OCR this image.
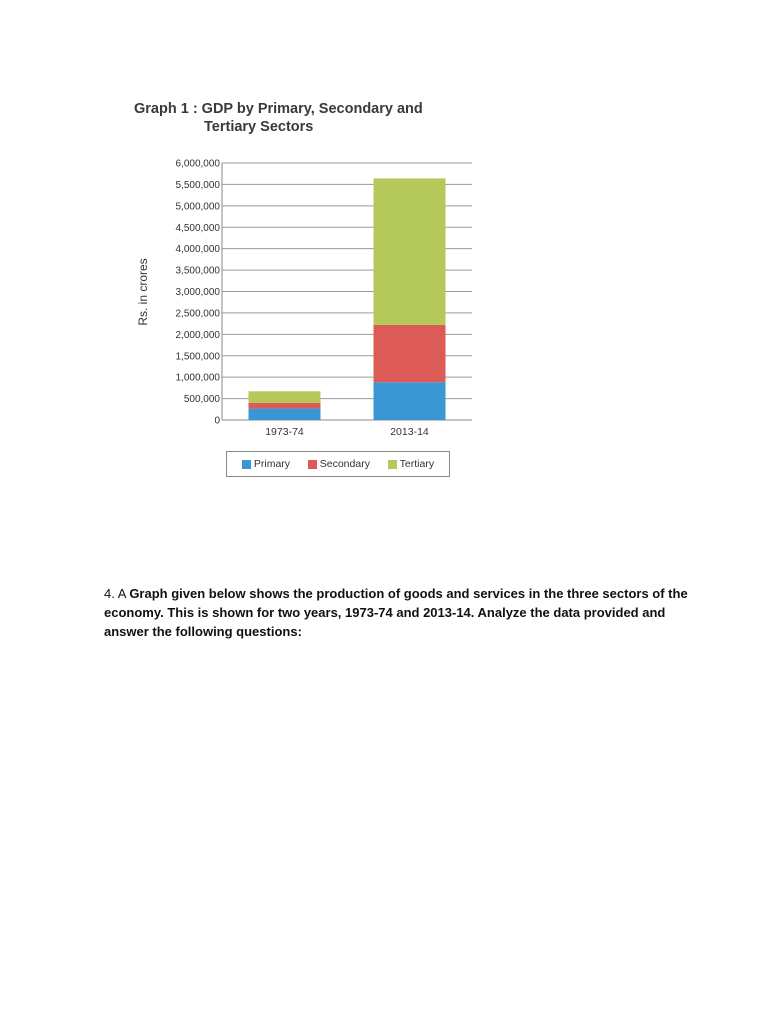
Graph 1 : GDP by Primary, Secondary and
Tertiary Sectors
0
500,000
1,000,000
1,500,000
2,000,000
2,500,000
3,000,000
3,500,000
4,000,000
4,500,000
5,000,000
5,500,000
6,000,000
Rs. in crores
1973-74	2013-14
Primary	Secondary	Tertiary
4. A Graph given below shows the production of goods and services in the three sectors of the economy. This is shown for two years, 1973-74 and 2013-14. Analyze the data provided and answer the following questions:
